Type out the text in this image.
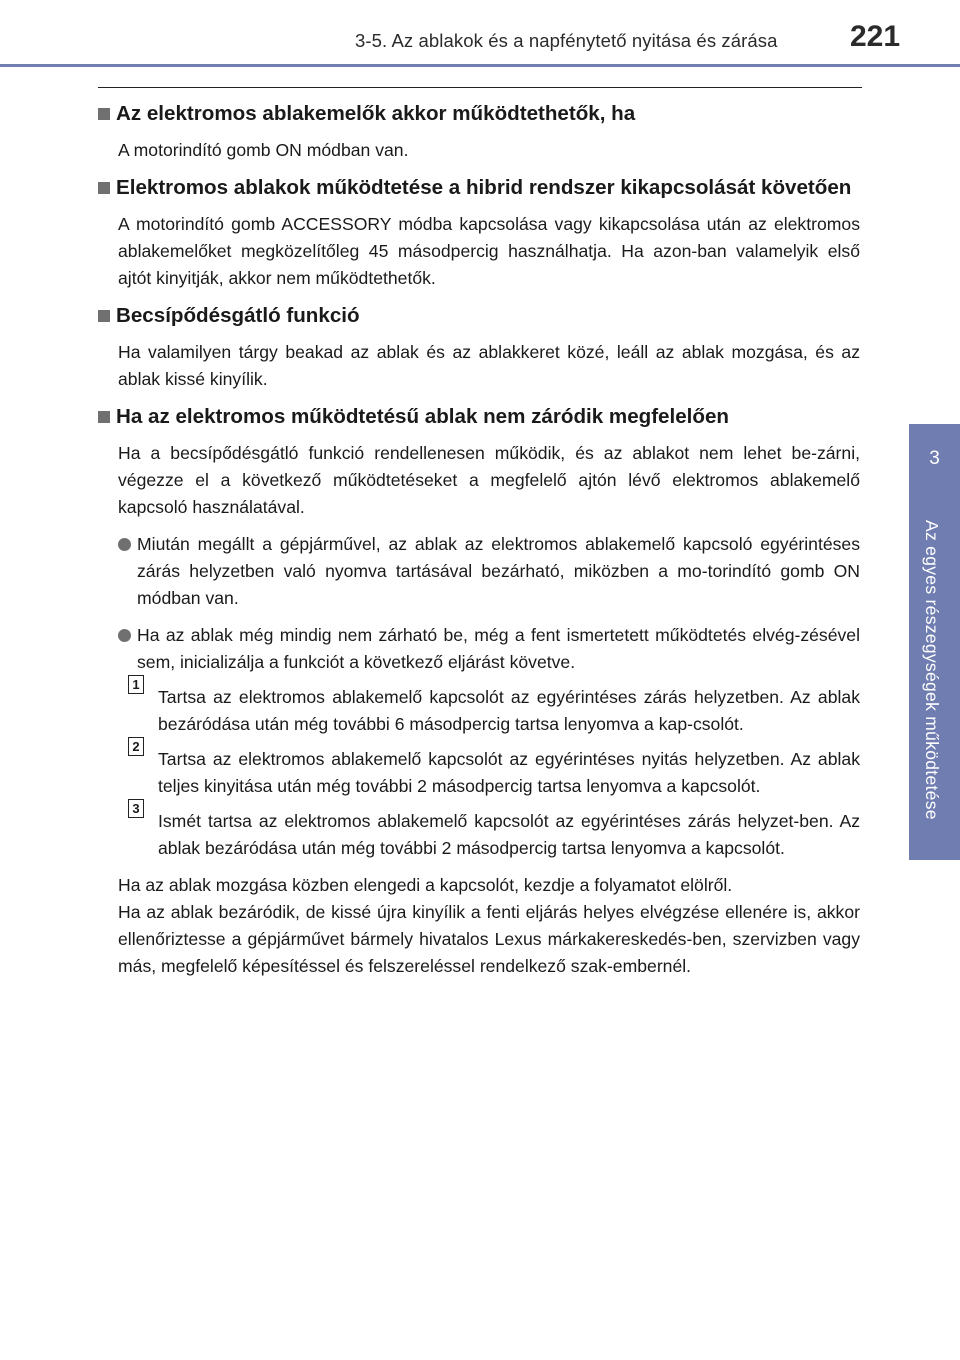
3-5. Az ablakok és a napfénytető nyitása és zárása 221
3
Az egyes részegységek működtetése
Az elektromos ablakemelők akkor működtethetők, ha

A motorindító gomb ON módban van.

Elektromos ablakok működtetése a hibrid rendszer kikapcsolását követően

A motorindító gomb ACCESSORY módba kapcsolása vagy kikapcsolása után az elektromos ablakemelőket megközelítőleg 45 másodpercig használhatja. Ha azon-ban valamelyik első ajtót kinyitják, akkor nem működtethetők.

Becsípődésgátló funkció

Ha valamilyen tárgy beakad az ablak és az ablakkeret közé, leáll az ablak mozgása, és az ablak kissé kinyílik.

Ha az elektromos működtetésű ablak nem záródik megfelelően

Ha a becsípődésgátló funkció rendellenesen működik, és az ablakot nem lehet be-zárni, végezze el a következő működtetéseket a megfelelő ajtón lévő elektromos ablakemelő kapcsoló használatával.

Miután megállt a gépjárművel, az ablak az elektromos ablakemelő kapcsoló egyérintéses zárás helyzetben való nyomva tartásával bezárható, miközben a mo-torindító gomb ON módban van.
Ha az ablak még mindig nem zárható be, még a fent ismertetett működtetés elvég-zésével sem, inicializálja a funkciót a következő eljárást követve.
1
Tartsa az elektromos ablakemelő kapcsolót az egyérintéses zárás helyzetben. Az ablak bezáródása után még további 6 másodpercig tartsa lenyomva a kap-csolót.
2
Tartsa az elektromos ablakemelő kapcsolót az egyérintéses nyitás helyzetben. Az ablak teljes kinyitása után még további 2 másodpercig tartsa lenyomva a kapcsolót.
3
Ismét tartsa az elektromos ablakemelő kapcsolót az egyérintéses zárás helyzet-ben. Az ablak bezáródása után még további 2 másodpercig tartsa lenyomva a kapcsolót.

Ha az ablak mozgása közben elengedi a kapcsolót, kezdje a folyamatot elölről.

Ha az ablak bezáródik, de kissé újra kinyílik a fenti eljárás helyes elvégzése ellenére is, akkor ellenőriztesse a gépjárművet bármely hivatalos Lexus márkakereskedés-ben, szervizben vagy más, megfelelő képesítéssel és felszereléssel rendelkező szak-embernél.
